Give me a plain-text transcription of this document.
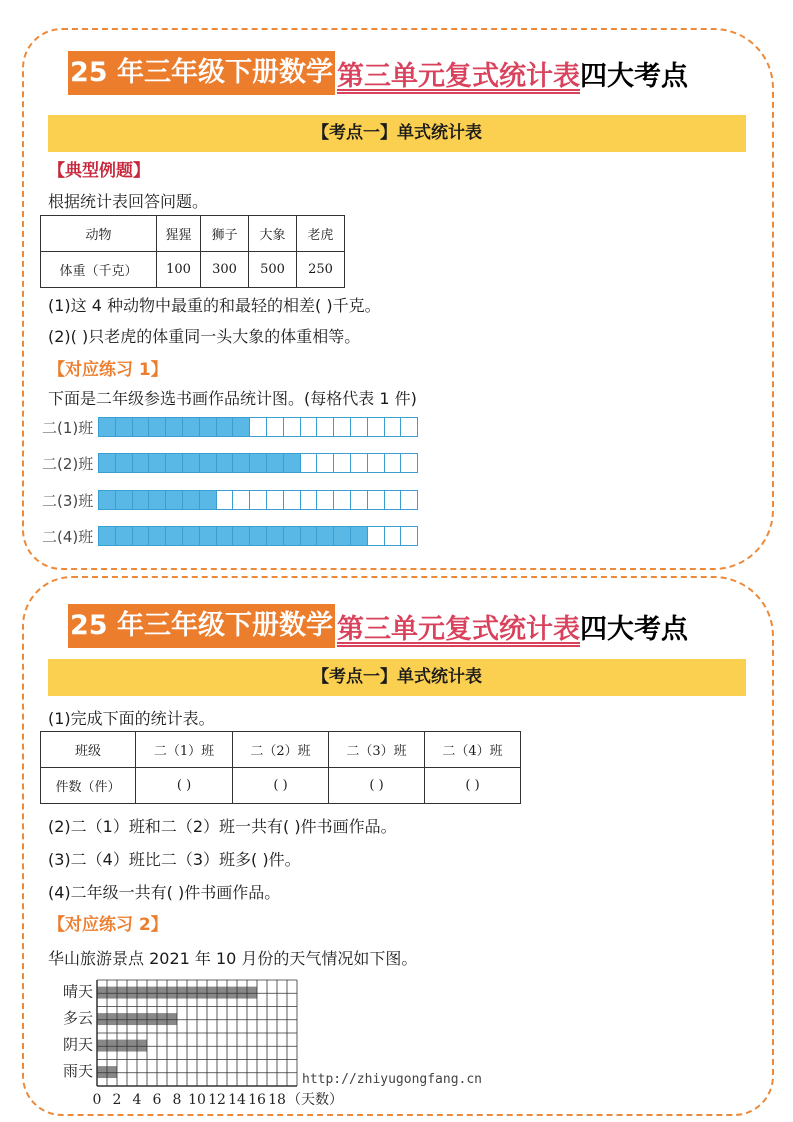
25 年三年级下册数学 第三单元复式统计表 四大考点
【考点一】单式统计表
【典型例题】
根据统计表回答问题。
动物	猩猩	狮子	大象	老虎
体重（千克）	100	300	500	250
(1)这 4 种动物中最重的和最轻的相差( )千克。
(2)( )只老虎的体重同一头大象的体重相等。
【对应练习 1】
下面是二年级参选书画作品统计图。(每格代表 1 件)
二(1)班
二(2)班
二(3)班
二(4)班
25 年三年级下册数学 第三单元复式统计表 四大考点
【考点一】单式统计表
(1)完成下面的统计表。
班级	二（1）班	二（2）班	二（3）班	二（4）班
件数（件）	( )	( )	( )	( )
(2)二（1）班和二（2）班一共有( )件书画作品。
(3)二（4）班比二（3）班多( )件。
(4)二年级一共有( )件书画作品。
【对应练习 2】
华山旅游景点 2021 年 10 月份的天气情况如下图。
晴天
多云
阴天
雨天
0 2 4 6 8 10 12 14 16 18 （天数）
http://zhiyugongfang.cn
